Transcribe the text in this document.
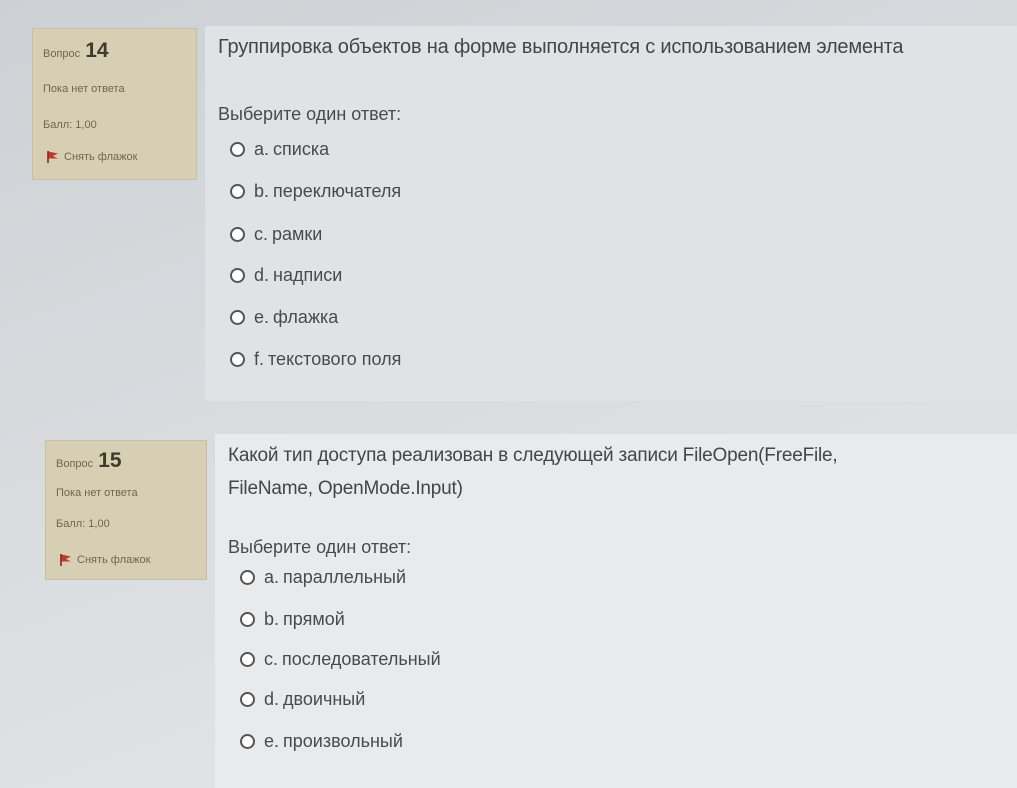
Вопрос 14
Пока нет ответа
Балл: 1,00
Снять флажок
Группировка объектов на форме выполняется с использованием элемента
Выберите один ответ:
a. списка
b. переключателя
c. рамки
d. надписи
e. флажка
f. текстового поля
Вопрос 15
Пока нет ответа
Балл: 1,00
Снять флажок
Какой тип доступа реализован в следующей записи FileOpen(FreeFile, FileName, OpenMode.Input)
Выберите один ответ:
a. параллельный
b. прямой
c. последовательный
d. двоичный
e. произвольный
